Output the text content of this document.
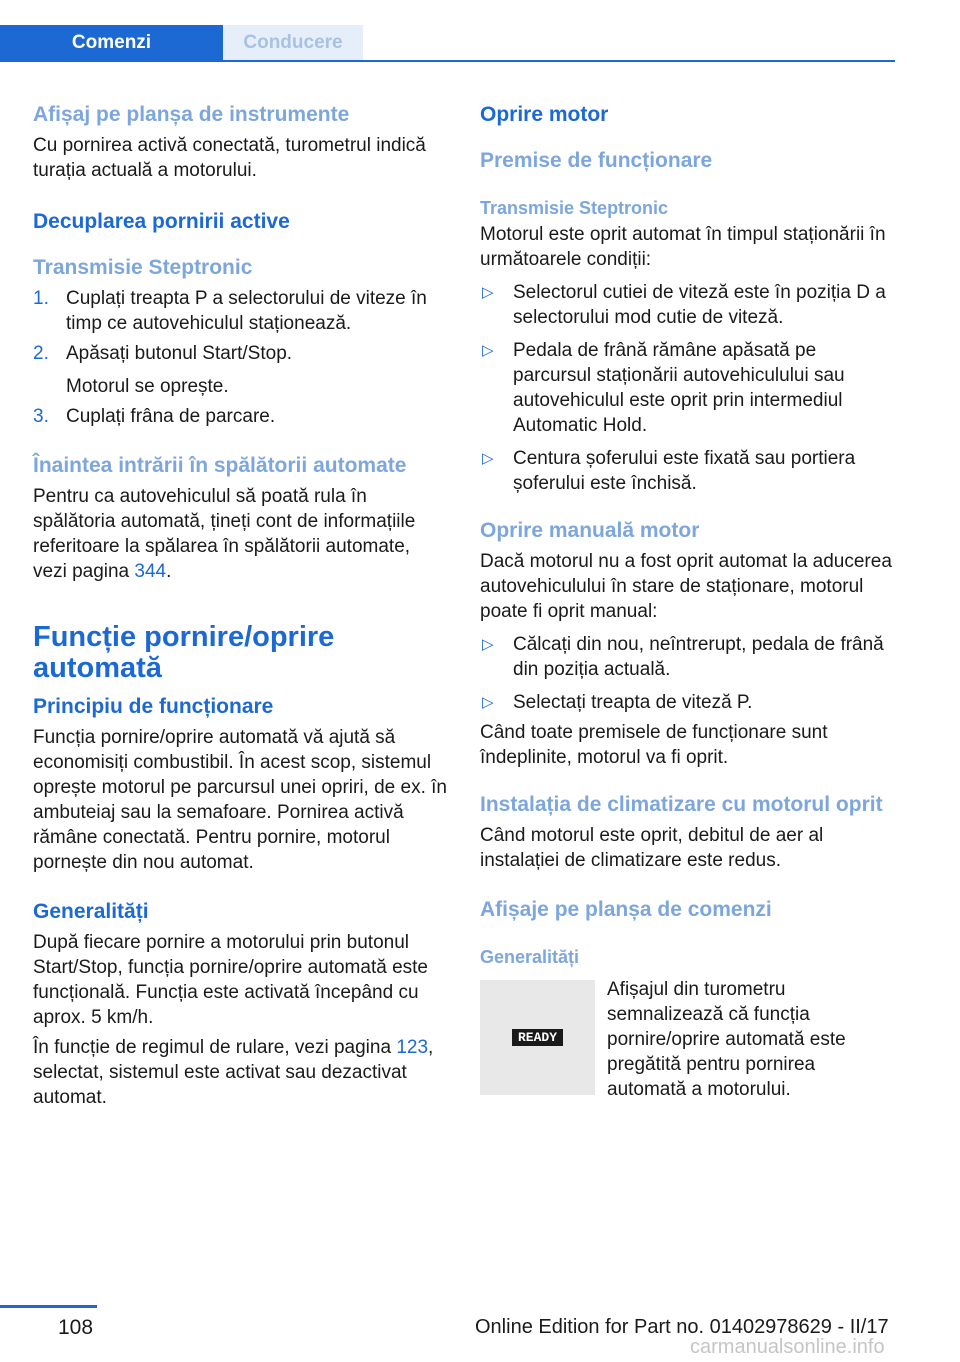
Comenzi	Conducere
Afișaj pe planșa de instrumente

Cu pornirea activă conectată, turometrul indică turația actuală a motorului.

Decuplarea pornirii active
Transmisie Steptronic
1. Cuplați treapta P a selectorului de viteze în timp ce autovehiculul staționează.
2. Apăsați butonul Start/Stop.
Motorul se oprește.
3. Cuplați frâna de parcare.
Înaintea intrării în spălătorii automate

Pentru ca autovehiculul să poată rula în spălătoria automată, țineți cont de informațiile referitoare la spălarea în spălătorii automate, vezi pagina 344.

Funcție pornire/oprire automată
Principiu de funcționare

Funcția pornire/oprire automată vă ajută să economisiți combustibil. În acest scop, sistemul oprește motorul pe parcursul unei opriri, de ex. în ambuteiaj sau la semafoare. Pornirea activă rămâne conectată. Pentru pornire, motorul pornește din nou automat.

Generalități

După fiecare pornire a motorului prin butonul Start/Stop, funcția pornire/oprire automată este funcțională. Funcția este activată începând cu aprox. 5 km/h.

În funcție de regimul de rulare, vezi pagina 123, selectat, sistemul este activat sau dezactivat automat.

Oprire motor
Premise de funcționare
Transmisie Steptronic

Motorul este oprit automat în timpul staționării în următoarele condiții:

▷ Selectorul cutiei de viteză este în poziția D a selectorului mod cutie de viteză.
▷ Pedala de frână rămâne apăsată pe parcursul staționării autovehiculului sau autovehiculul este oprit prin intermediul Automatic Hold.
▷ Centura șoferului este fixată sau portiera șoferului este închisă.
Oprire manuală motor

Dacă motorul nu a fost oprit automat la aducerea autovehiculului în stare de staționare, motorul poate fi oprit manual:

▷ Călcați din nou, neîntrerupt, pedala de frână din poziția actuală.
▷ Selectați treapta de viteză P.

Când toate premisele de funcționare sunt îndeplinite, motorul va fi oprit.

Instalația de climatizare cu motorul oprit

Când motorul este oprit, debitul de aer al instalației de climatizare este redus.

Afișaje pe planșa de comenzi
Generalități
READY

Afișajul din turometru semnalizează că funcția pornire/oprire automată este pregătită pentru pornirea automată a motorului.

108	Online Edition for Part no. 01402978629 - II/17
carmanualsonline.info
